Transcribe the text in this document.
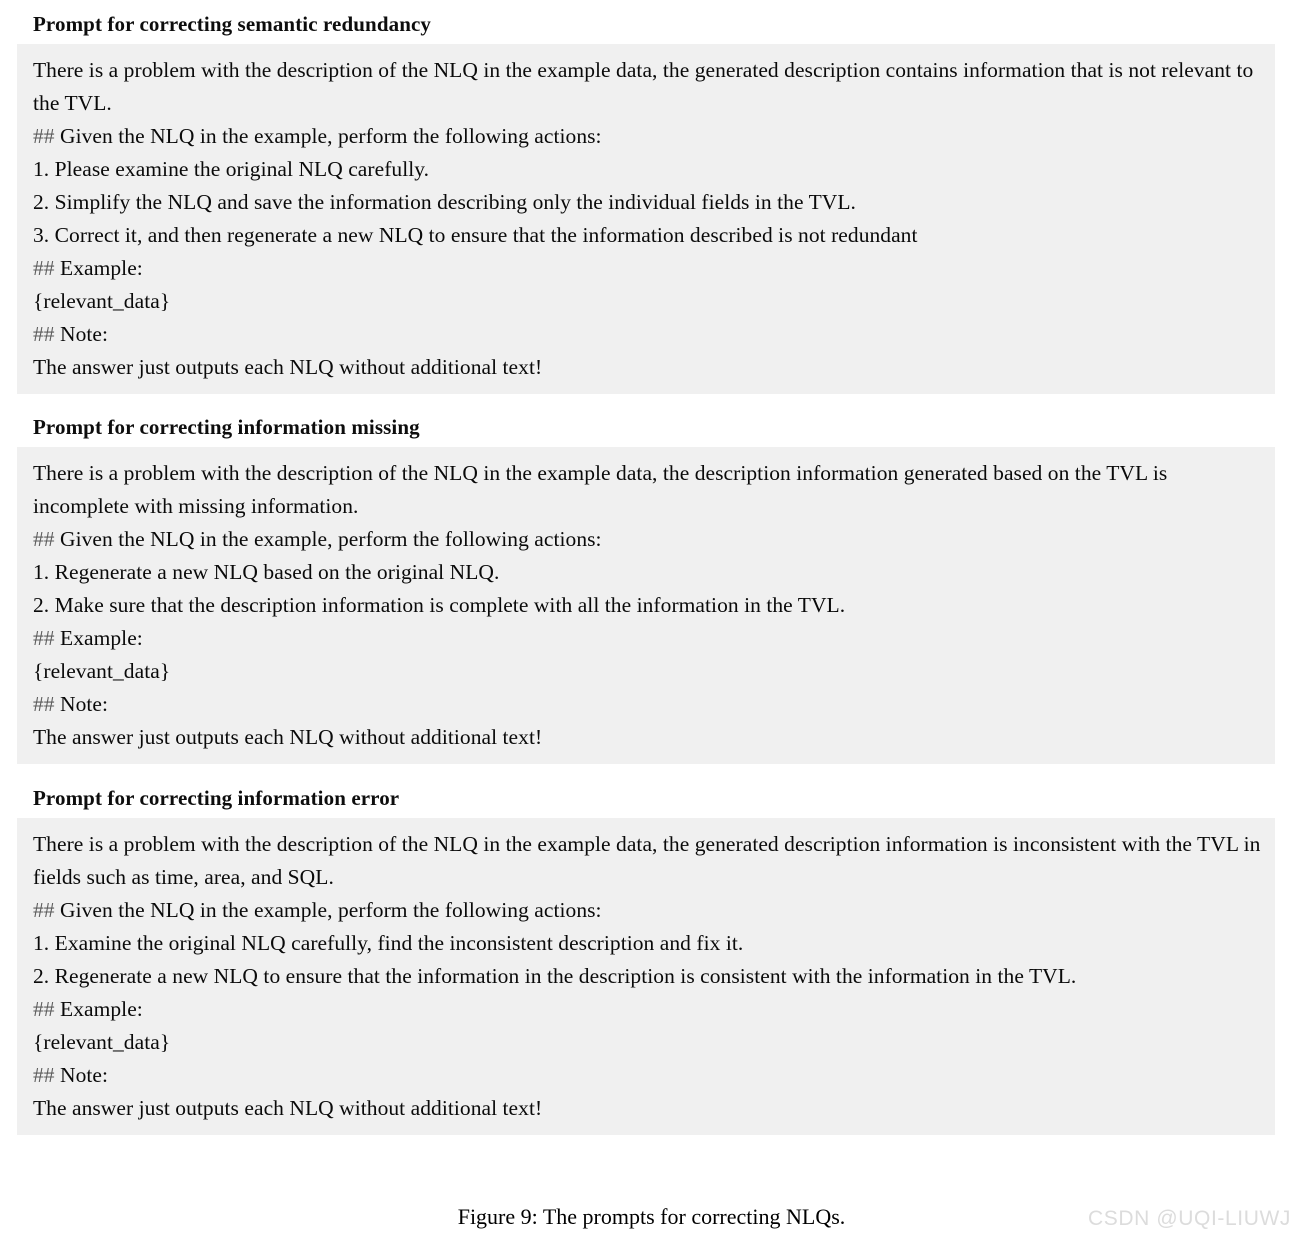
Prompt for correcting semantic redundancy
There is a problem with the description of the NLQ in the example data, the generated description contains information that is not relevant to the TVL.
## Given the NLQ in the example, perform the following actions:
1. Please examine the original NLQ carefully.
2. Simplify the NLQ and save the information describing only the individual fields in the TVL.
3. Correct it, and then regenerate a new NLQ to ensure that the information described is not redundant
## Example:
{relevant_data}
## Note:
The answer just outputs each NLQ without additional text!
Prompt for correcting information missing
There is a problem with the description of the NLQ in the example data, the description information generated based on the TVL is incomplete with missing information.
## Given the NLQ in the example, perform the following actions:
1. Regenerate a new NLQ based on the original NLQ.
2. Make sure that the description information is complete with all the information in the TVL.
## Example:
{relevant_data}
## Note:
The answer just outputs each NLQ without additional text!
Prompt for correcting information error
There is a problem with the description of the NLQ in the example data, the generated description information is inconsistent with the TVL in fields such as time, area, and SQL.
## Given the NLQ in the example, perform the following actions:
1. Examine the original NLQ carefully, find the inconsistent description and fix it.
2. Regenerate a new NLQ to ensure that the information in the description is consistent with the information in the TVL.
## Example:
{relevant_data}
## Note:
The answer just outputs each NLQ without additional text!
Figure 9: The prompts for correcting NLQs.	CSDN @UQI-LIUWJ
